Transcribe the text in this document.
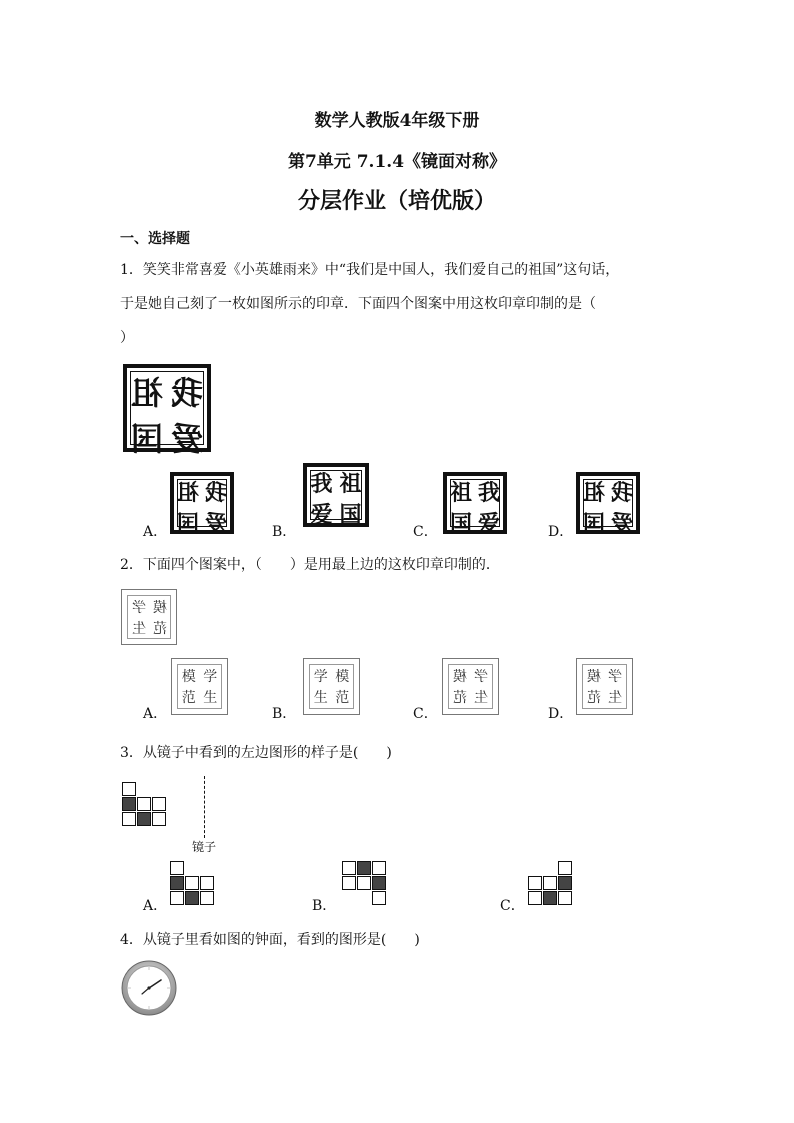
数学人教版4年级下册
第7单元 7.1.4《镜面对称》
分层作业（培优版）
一、选择题
1．笑笑非常喜爱《小英雄雨来》中“我们是中国人，我们爱自己的祖国”这句话，
于是她自己刻了一枚如图所示的印章．下面四个图案中用这枚印章印制的是（
）
祖 我
国 爱
A．
祖 我
国 爱	B．
我 祖
爱 国
C．
祖 我
国 爱	D．
祖 我
国 爱
2．下面四个图案中，（　　）是用最上边的这枚印章印制的．
学 模
生 范
A．
模 学
范 生
B．
学 模
生 范
C．
模 学
范 生
D．
模 学
范 生
3．从镜子中看到的左边图形的样子是(　　)
镜子
A．	B．	C．
4．从镜子里看如图的钟面，看到的图形是(　　)
